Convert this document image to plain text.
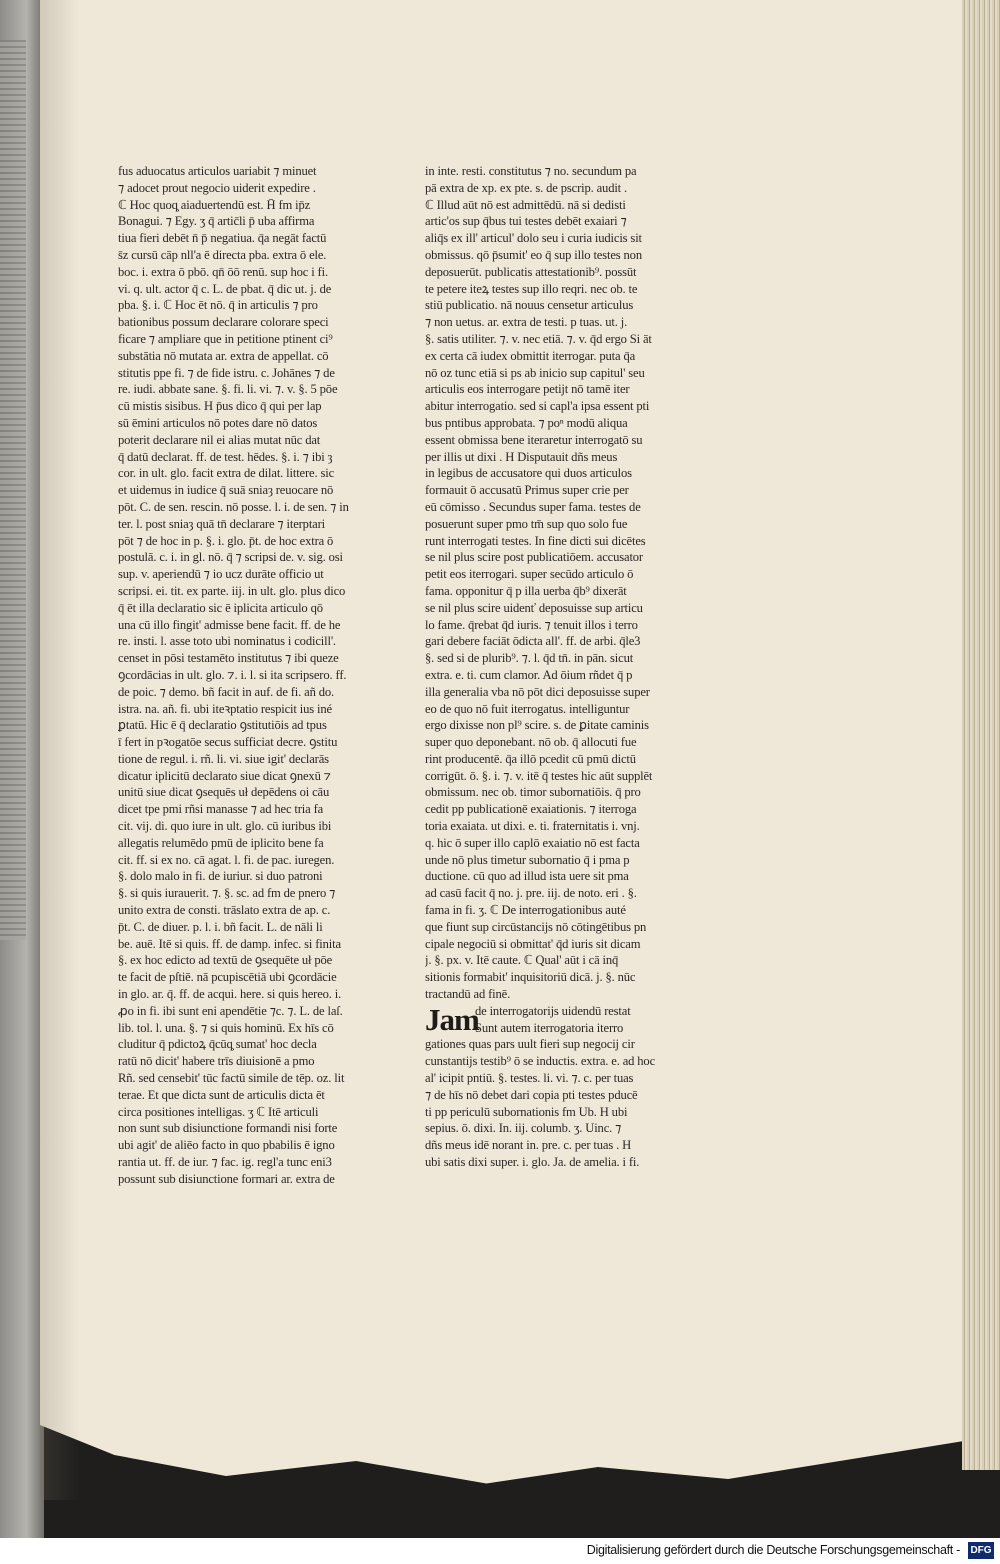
fus aduocatus articulos uariabit ⁊ minuet
⁊ adocet prout negocio uiderit expedire .
ℂ Hoc quoq̧ aiaduertendū est. H̄ fm ip̄z
Bonagui. ⁊ Egy. ʒ q̄ artic̄li p̄ uba affirma
tiua fieri debēt n̄ p̄ negatiua. q̄a negāt factū
s̄z cursū cāp nll'a ē directa pba. extra ō ele.
boc. i. extra ō pbō. qn̄ ōō renū. sup hoc i fi.
vi. q. ult. actor q̄ c. L. de pbat. q̄ dic ut. j. de
pba. §. i. ℂ Hoc ēt nō. q̄ in articulis ⁊ pro
bationibus possum declarare colorare speci
ficare ⁊ ampliare que in petitione ptinent ci⁹
substātia nō mutata ar. extra de appellat. cō
stitutis ppe fi. ⁊ de fide istru. c. Johānes ⁊ de
re. iudi. abbate sane. §. fi. li. vi. ⁊. v. §. 5 pōe
cū mistis sisibus. H p̄us dico q̄ qui per lap
sū ēmini articulos nō potes dare nō datos
poterit declarare nil ei alias mutat nūc dat
q̄ datū declarat. ff. de test. hēdes. §. i. ⁊ ibi ȝ
cor. in ult. glo. facit extra de dilat. littere. sic
et uidemus in iudice q̄ suā sniaȝ reuocare nō
pōt. C. de sen. rescin. nō posse. l. i. de sen. ⁊ in
ter. l. post sniaȝ quā tn̄ declarare ⁊ iterptari
pōt ⁊ de hoc in p. §. i. glo. p̄t. de hoc extra ō
postulā. c. i. in gl. nō. q̄ ⁊ scripsi de. v. sig. osi
sup. v. aperiendū ⁊ io ucz durāte officio ut
scripsi. ei. tit. ex parte. iij. in ult. glo. plus dico
q̄ ēt illa declaratio sic ē iplicita articulo qō
una cū illo fingit' admisse bene facit. ff. de he
re. insti. l. asse toto ubi nominatus i codicill'.
censet in pōsi testamēto institutus ⁊ ibi queze
ꝯcordācias in ult. glo. ⁊. i. l. si ita scripsero. ff.
de poic. ⁊ demo. bñ facit in auf. de fi. añ do.
istra. na. añ. fi. ubi iteꝛptatio respicit ius iné
ꝑtatū. Hic ē q̄ declaratio ꝯstitutiōis ad tpus
ī fert in pꝛogatōe secus sufficiat decre. ꝯstitu
tione de regul. i. rñ. li. vi. siue igit' declarās
dicatur iplicitū declarato siue dicat ꝯnexū ⁊
unitū siue dicat ꝯsequēs uł depēdens oi cāu
dicet tpe pmi rñsi manasse ⁊ ad hec tria fa
cit. vij. di. quo iure in ult. glo. cū iuribus ibi
allegatis relumēdo pmū de iplicito bene fa
cit. ff. si ex no. cā agat. l. fi. de pac. iuregen.
§. dolo malo in fi. de iuriur. si duo patroni
§. si quis iurauerit. ⁊. §. sc. ad fm de pnero ⁊
unito extra de consti. trāslato extra de ap. c.
p̄t. C. de diuer. p. l. i. bñ facit. L. de nāli li
be. auē. Itē si quis. ff. de damp. infec. si finita
§. ex hoc edicto ad textū de ꝯsequēte uł pōe
te facit de pſtiē. nā pcupiscētiā ubi ꝯcordācie
in glo. ar. q̄. ff. de acqui. here. si quis hereo. i.
ꝓo in fi. ibi sunt eni apendētie ⁊c. ⁊. L. de laſ.
lib. tol. l. una. §. ⁊ si quis hominū. Ex hīs cō
cluditur q̄ pdictoꝝ q̄cūq̧ sumat' hoc decla
ratū nō dicit' habere trīs diuisionē a pmo
Rñ. sed censebit' tūc factū simile de tēp. oz. lit
terae. Et que dicta sunt de articulis dicta ēt
circa positiones intelligas. ʒ ℂ Itē articuli
non sunt sub disiunctione formandi nisi forte
ubi agit' de aliēo facto in quo pbabilis ē igno
rantia ut. ff. de iur. ⁊ fac. ig. regl'a tunc eni3
possunt sub disiunctione formari ar. extra de
in inte. resti. constitutus ⁊ no. secundum pa
pā extra de xp. ex pte. s. de pscrip. audit .
ℂ Illud aūt nō est admittēdū. nā si dedisti
artic'os sup q̄bus tui testes debēt exaiari ⁊
aliq̄s ex ill' articul' dolo seu i curia iudicis sit
obmissus. qō p̄sumit' eo q̄ sup illo testes non
deposuerūt. publicatis attestationib⁹. possūt
te petere iteꝝ testes sup illo reqri. nec ob. te
stiū publicatio. nā nouus censetur articulus
⁊ non uetus. ar. extra de testi. p tuas. ut. j.
§. satis utiliter. ⁊. v. nec etiā. ⁊. v. q̄d ergo Si āt
ex certa cā iudex obmittit iterrogar. puta q̄a
nō oz tunc etiā si ps ab inicio sup capitul' seu
articulis eos interrogare petijt nō tamē iter
abitur interrogatio. sed si capl'a ipsa essent pti
bus pntibus approbata. ⁊ poⁿ modū aliqua
essent obmissa bene iteraretur interrogatō su
per illis ut dixi . H Disputauit dñs meus
in legibus de accusatore qui duos articulos
formauit ō accusatū Primus super crie per
eū cōmisso . Secundus super fama. testes de
posuerunt super pmo tm̄ sup quo solo fue
runt interrogati testes. In fine dicti sui dicētes
se nil plus scire post publicatiōem. accusator
petit eos iterrogari. super secūdo articulo ō
fama. opponitur q̄ p illa uerba q̄b⁹ dixerāt
se nil plus scire uidenť deposuisse sup articu
lo fame. q̄rebat q̄d iuris. ⁊ tenuit illos i terro
gari debere faciāt ōdicta all'. ff. de arbi. q̄le3
§. sed si de plurib⁹. ⁊. l. q̄d tn̄. in pān. sicut
extra. e. ti. cum clamor. Ad ōium rñdet q̄ p
illa generalia vba nō pōt dici deposuisse super
eo de quo nō fuit iterrogatus. intelliguntur
ergo dixisse non pl⁹ scire. s. de ꝑitate caminis
super quo deponebant. nō ob. q̄ allocuti fue
rint producentē. q̄a illō pcedit cū pmū dictū
corrigūt. ō. §. i. ⁊. v. itē q̄ testes hic aūt supplēt
obmissum. nec ob. timor subornatiōis. q̄ pro
cedit pp publicationē exaiationis. ⁊ iterroga
toria exaiata. ut dixi. e. ti. fraternitatis i. vnj.
q. hic ō super illo caplō exaiatio nō est facta
unde nō plus timetur subornatio q̄ i pma p
ductione. cū quo ad illud ista uere sit pma
ad casū facit q̄ no. j. pre. iij. de noto. eri . §.
fama in fi. ʒ. ℂ De interrogationibus auté
que fiunt sup circūstancijs nō cōtingētibus pn
cipale negociū si obmittat' q̄d iuris sit dicam
j. §. px. v. Itē caute. ℂ Qual' aūt i cā inq̄
sitionis formabit' inquisitoriū dicā. j. §. nūc
tractandū ad finē.
Jam
de interrogatorijs uidendū restat
Sunt autem iterrogatoria iterro
gationes quas pars uult fieri sup negocij cir
cunstantijs testib⁹ ō se inductis. extra. e. ad hoc
al' icipit pntiū. §. testes. li. vi. ⁊. c. per tuas
⁊ de hīs nō debet dari copia pti testes pducē
ti pp periculū subornationis fm Ub. H ubi
sepius. ō. dixi. In. iij. columb. ʒ. Uinc. ⁊
dñs meus idē norant in. pre. c. per tuas . H
ubi satis dixi super. i. glo. Ja. de amelia. i fi.
Digitalisierung gefördert durch die Deutsche Forschungsgemeinschaft - DFG
